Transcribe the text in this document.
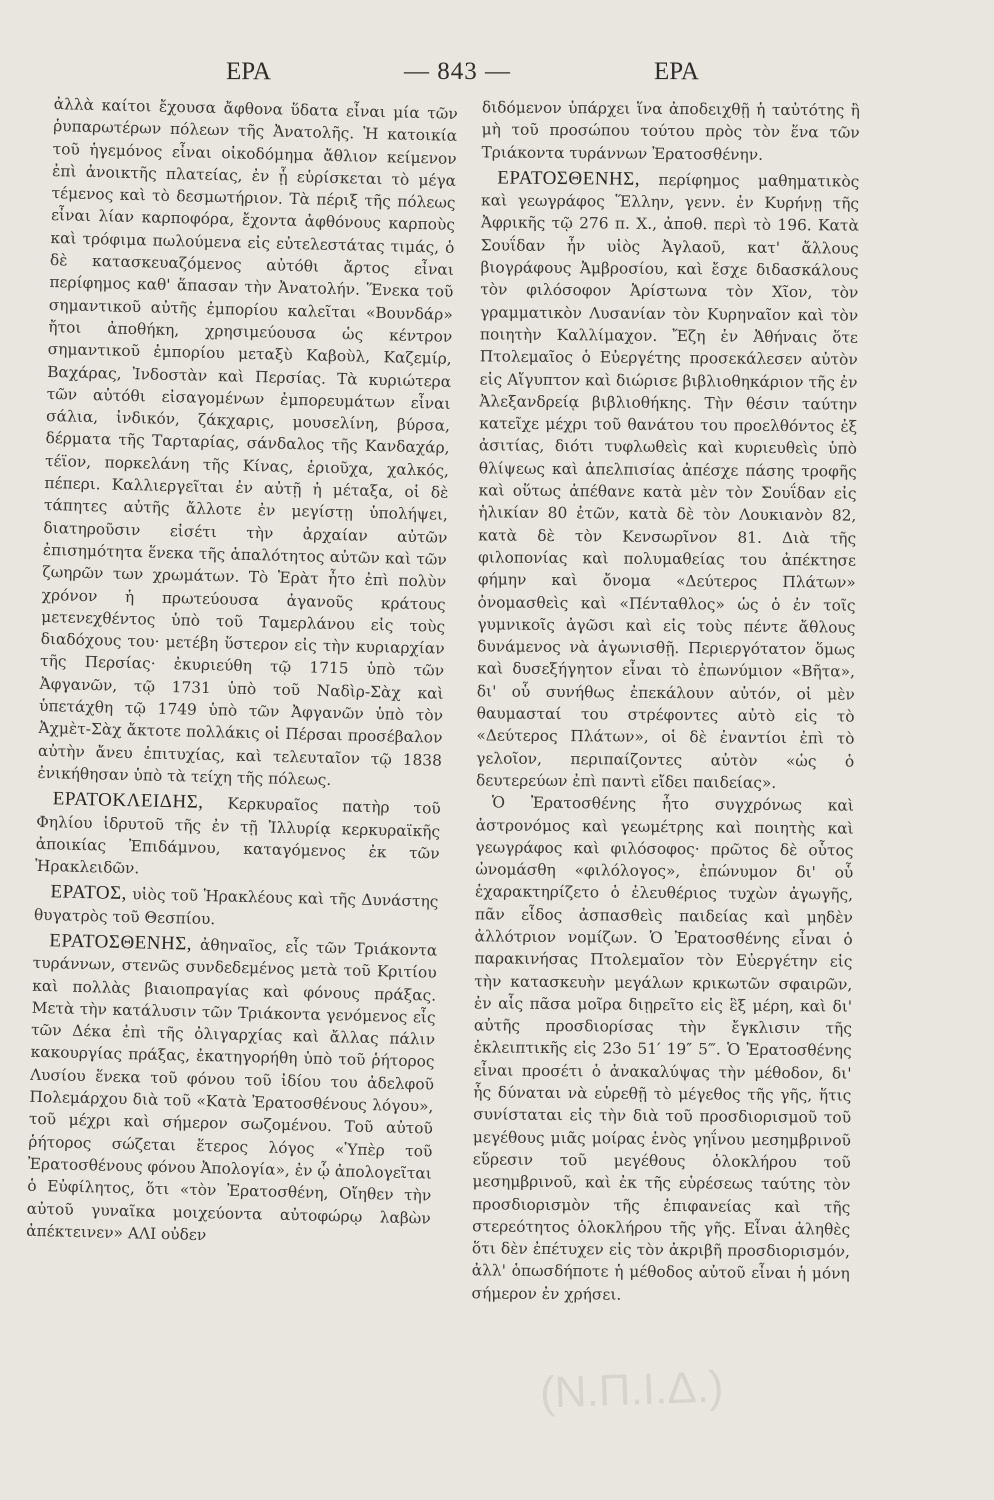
ΕΡΑ	— 843 —	ΕΡΑ

ἀλλὰ καίτοι ἔχουσα ἄφθονα ὕδατα εἶναι μία τῶν ῥυπαρωτέρων πόλεων τῆς Ἀνατολῆς. Ἡ κατοικία τοῦ ἡγεμόνος εἶναι οἰκοδόμημα ἄθλιον κείμενον ἐπὶ ἀνοικτῆς πλατείας, ἐν ᾗ εὑρίσκεται τὸ μέγα τέμενος καὶ τὸ δεσμωτήριον. Τὰ πέριξ τῆς πόλεως εἶναι λίαν καρποφόρα, ἔχοντα ἀφθόνους καρποὺς καὶ τρόφιμα πωλούμενα εἰς εὐτελεστάτας τιμάς, ὁ δὲ κατασκευαζόμενος αὐτόθι ἄρτος εἶναι περίφημος καθ' ἅπασαν τὴν Ἀνατολήν. Ἕνεκα τοῦ σημαντικοῦ αὐτῆς ἐμπορίου καλεῖται «Βουνδάρ» ἤτοι ἀποθήκη, χρησιμεύουσα ὡς κέντρον σημαντικοῦ ἐμπορίου μεταξὺ Καβοὺλ, Καζεμίρ, Βαχάρας, Ἰνδοστὰν καὶ Περσίας. Τὰ κυριώτερα τῶν αὐτόθι εἰσαγομένων ἐμπορευμάτων εἶναι σάλια, ἰνδικόν, ζάκχαρις, μουσελίνη, βύρσα, δέρματα τῆς Ταρταρίας, σάνδαλος τῆς Κανδαχάρ, τέϊον, πορκελάνη τῆς Κίνας, ἐριοῦχα, χαλκός, πέπερι. Καλλιεργεῖται ἐν αὐτῇ ἡ μέταξα, οἱ δὲ τάπητες αὐτῆς ἄλλοτε ἐν μεγίστῃ ὑπολήψει, διατηροῦσιν εἰσέτι τὴν ἀρχαίαν αὐτῶν ἐπισημότητα ἕνεκα τῆς ἁπαλότητος αὐτῶν καὶ τῶν ζωηρῶν των χρωμάτων. Τὸ Ἑρὰτ ἦτο ἐπὶ πολὺν χρόνον ἡ πρωτεύουσα ἀγανοῦς κράτους μετενεχθέντος ὑπὸ τοῦ Ταμερλάνου εἰς τοὺς διαδόχους του· μετέβη ὕστερον εἰς τὴν κυριαρχίαν τῆς Περσίας· ἐκυριεύθη τῷ 1715 ὑπὸ τῶν Ἀφγανῶν, τῷ 1731 ὑπὸ τοῦ Ναδὶρ-Σὰχ καὶ ὑπετάχθη τῷ 1749 ὑπὸ τῶν Ἀφγανῶν ὑπὸ τὸν Ἀχμὲτ-Σὰχ ἄκτοτε πολλάκις οἱ Πέρσαι προσέβαλον αὐτὴν ἄνευ ἐπιτυχίας, καὶ τελευταῖον τῷ 1838 ἐνικήθησαν ὑπὸ τὰ τείχη τῆς πόλεως.

ΕΡΑΤΟΚΛΕΙΔΗΣ, Κερκυραῖος πατὴρ τοῦ Φηλίου ἱδρυτοῦ τῆς ἐν τῇ Ἰλλυρίᾳ κερκυραϊκῆς ἀποικίας Ἐπιδάμνου, καταγόμενος ἐκ τῶν Ἡρακλειδῶν.

ΕΡΑΤΟΣ, υἱὸς τοῦ Ἡρακλέους καὶ τῆς Δυνάστης θυγατρὸς τοῦ Θεσπίου.

ΕΡΑΤΟΣΘΕΝΗΣ, ἀθηναῖος, εἷς τῶν Τριάκοντα τυράννων, στενῶς συνδεδεμένος μετὰ τοῦ Κριτίου καὶ πολλὰς βιαιοπραγίας καὶ φόνους πράξας. Μετὰ τὴν κατάλυσιν τῶν Τριάκοντα γενόμενος εἷς τῶν Δέκα ἐπὶ τῆς ὀλιγαρχίας καὶ ἄλλας πάλιν κακουργίας πράξας, ἐκατηγορήθη ὑπὸ τοῦ ῥήτορος Λυσίου ἕνεκα τοῦ φόνου τοῦ ἰδίου του ἀδελφοῦ Πολεμάρχου διὰ τοῦ «Κατὰ Ἐρατοσθένους λόγου», τοῦ μέχρι καὶ σήμερον σωζομένου. Τοῦ αὐτοῦ ῥήτορος σώζεται ἕτερος λόγος «Ὑπὲρ τοῦ Ἐρατοσθένους φόνου Ἀπολογία», ἐν ᾧ ἀπολογεῖται ὁ Εὐφίλητος, ὅτι «τὸν Ἐρατοσθένη, Οἴηθεν τὴν αὐτοῦ γυναῖκα μοιχεύοντα αὐτοφώρῳ λαβὼν ἀπέκτεινεν» ΑΛΙ οὐδεν

διδόμενον ὑπάρχει ἵνα ἀποδειχθῇ ἡ ταὐτότης ἢ μὴ τοῦ προσώπου τούτου πρὸς τὸν ἕνα τῶν Τριάκοντα τυράννων Ἐρατοσθένην.

ΕΡΑΤΟΣΘΕΝΗΣ, περίφημος μαθηματικὸς καὶ γεωγράφος Ἕλλην, γενν. ἐν Κυρήνῃ τῆς Ἀφρικῆς τῷ 276 π. Χ., ἀποθ. περὶ τὸ 196. Κατὰ Σουΐδαν ἦν υἱὸς Ἀγλαοῦ, κατ' ἄλλους βιογράφους Ἀμβροσίου, καὶ ἔσχε διδασκάλους τὸν φιλόσοφον Ἀρίστωνα τὸν Χῖον, τὸν γραμματικὸν Λυσανίαν τὸν Κυρηναῖον καὶ τὸν ποιητὴν Καλλίμαχον. Ἔζη ἐν Ἀθήναις ὅτε Πτολεμαῖος ὁ Εὐεργέτης προσεκάλεσεν αὐτὸν εἰς Αἴγυπτον καὶ διώρισε βιβλιοθηκάριον τῆς ἐν Ἀλεξανδρείᾳ βιβλιοθήκης. Τὴν θέσιν ταύτην κατεῖχε μέχρι τοῦ θανάτου του προελθόντος ἐξ ἀσιτίας, διότι τυφλωθεὶς καὶ κυριευθεὶς ὑπὸ θλίψεως καὶ ἀπελπισίας ἀπέσχε πάσης τροφῆς καὶ οὕτως ἀπέθανε κατὰ μὲν τὸν Σουΐδαν εἰς ἡλικίαν 80 ἐτῶν, κατὰ δὲ τὸν Λουκιανὸν 82, κατὰ δὲ τὸν Κενσωρῖνον 81. Διὰ τῆς φιλοπονίας καὶ πολυμαθείας του ἀπέκτησε φήμην καὶ ὄνομα «Δεύτερος Πλάτων» ὀνομασθεὶς καὶ «Πένταθλος» ὡς ὁ ἐν τοῖς γυμνικοῖς ἀγῶσι καὶ εἰς τοὺς πέντε ἄθλους δυνάμενος νὰ ἀγωνισθῇ. Περιεργότατον ὅμως καὶ δυσεξήγητον εἶναι τὸ ἐπωνύμιον «Βῆτα», δι' οὗ συνήθως ἐπεκάλουν αὐτόν, οἱ μὲν θαυμασταί του στρέφοντες αὐτὸ εἰς τὸ «Δεύτερος Πλάτων», οἱ δὲ ἐναντίοι ἐπὶ τὸ γελοῖον, περιπαίζοντες αὐτὸν «ὡς ὁ δευτερεύων ἐπὶ παντὶ εἴδει παιδείας».

Ὁ Ἐρατοσθένης ἦτο συγχρόνως καὶ ἀστρονόμος καὶ γεωμέτρης καὶ ποιητὴς καὶ γεωγράφος καὶ φιλόσοφος· πρῶτος δὲ οὗτος ὠνομάσθη «φιλόλογος», ἐπώνυμον δι' οὗ ἐχαρακτηρίζετο ὁ ἐλευθέριος τυχὼν ἀγωγῆς, πᾶν εἶδος ἀσπασθεὶς παιδείας καὶ μηδὲν ἀλλότριον νομίζων. Ὁ Ἐρατοσθένης εἶναι ὁ παρακινήσας Πτολεμαῖον τὸν Εὐεργέτην εἰς τὴν κατασκευὴν μεγάλων κρικωτῶν σφαιρῶν, ἐν αἷς πᾶσα μοῖρα διῃρεῖτο εἰς ἓξ μέρη, καὶ δι' αὐτῆς προσδιορίσας τὴν ἔγκλισιν τῆς ἐκλειπτικῆς εἰς 23ο 51′ 19″ 5‴. Ὁ Ἐρατοσθένης εἶναι προσέτι ὁ ἀνακαλύψας τὴν μέθοδον, δι' ἧς δύναται νὰ εὑρεθῇ τὸ μέγεθος τῆς γῆς, ἥτις συνίσταται εἰς τὴν διὰ τοῦ προσδιορισμοῦ τοῦ μεγέθους μιᾶς μοίρας ἑνὸς γηΐνου μεσημβρινοῦ εὕρεσιν τοῦ μεγέθους ὁλοκλήρου τοῦ μεσημβρινοῦ, καὶ ἐκ τῆς εὑρέσεως ταύτης τὸν προσδιορισμὸν τῆς ἐπιφανείας καὶ τῆς στερεότητος ὁλοκλήρου τῆς γῆς. Εἶναι ἀληθὲς ὅτι δὲν ἐπέτυχεν εἰς τὸν ἀκριβῆ προσδιορισμόν, ἀλλ' ὁπωσδήποτε ἡ μέθοδος αὐτοῦ εἶναι ἡ μόνη σήμερον ἐν χρήσει.

(Ν.Π.Ι.Δ.)
